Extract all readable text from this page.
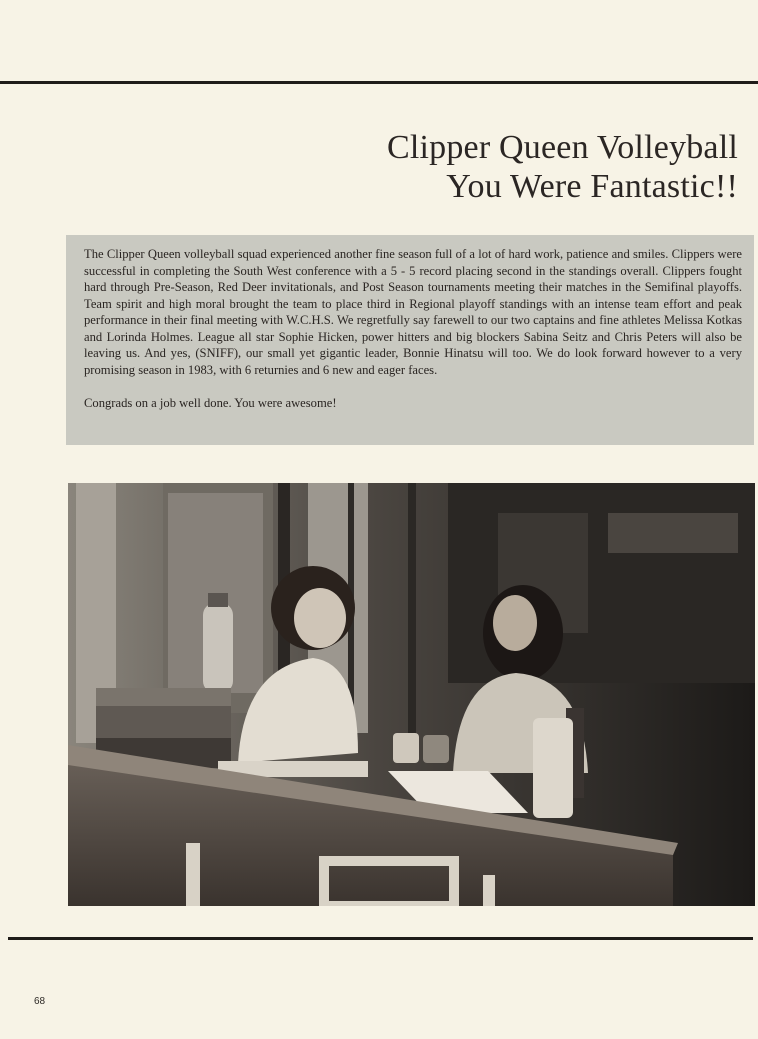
Clipper Queen Volleyball
You Were Fantastic!!

The Clipper Queen volleyball squad experienced another fine season full of a lot of hard work, patience and smiles. Clippers were successful in completing the South West conference with a 5 - 5 record placing second in the standings overall. Clippers fought hard through Pre-Season, Red Deer invitationals, and Post Season tournaments meeting their matches in the Semifinal playoffs. Team spirit and high moral brought the team to place third in Regional playoff standings with an intense team effort and peak performance in their final meeting with W.C.H.S. We regretfully say farewell to our two captains and fine athletes Melissa Kotkas and Lorinda Holmes. League all star Sophie Hicken, power hitters and big blockers Sabina Seitz and Chris Peters will also be leaving us. And yes, (SNIFF), our small yet gigantic leader, Bonnie Hinatsu will too. We do look forward however to a very promising season in 1983, with 6 returnies and 6 new and eager faces.

Congrads on a job well done. You were awesome!

68
